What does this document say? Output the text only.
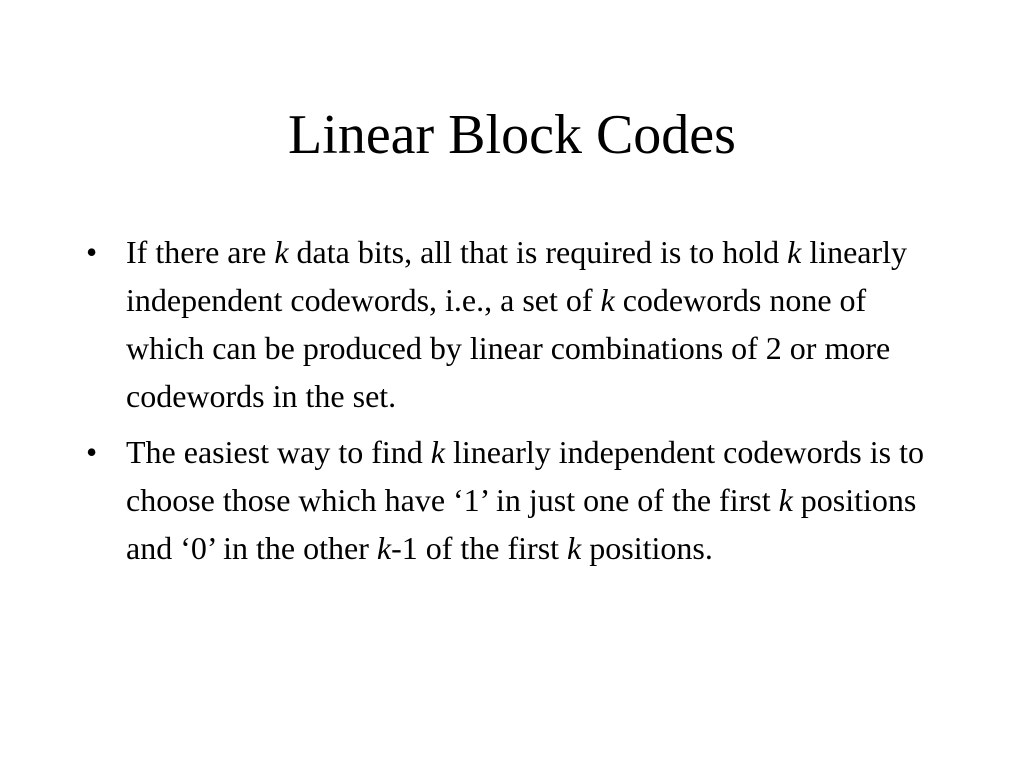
Linear Block Codes
• If there are k data bits, all that is required is to hold k linearly independent codewords, i.e., a set of k codewords none of which can be produced by linear combinations of 2 or more codewords in the set.
• The easiest way to find k linearly independent codewords is to choose those which have ‘1’ in just one of the first k positions and ‘0’ in the other k-1 of the first k positions.
